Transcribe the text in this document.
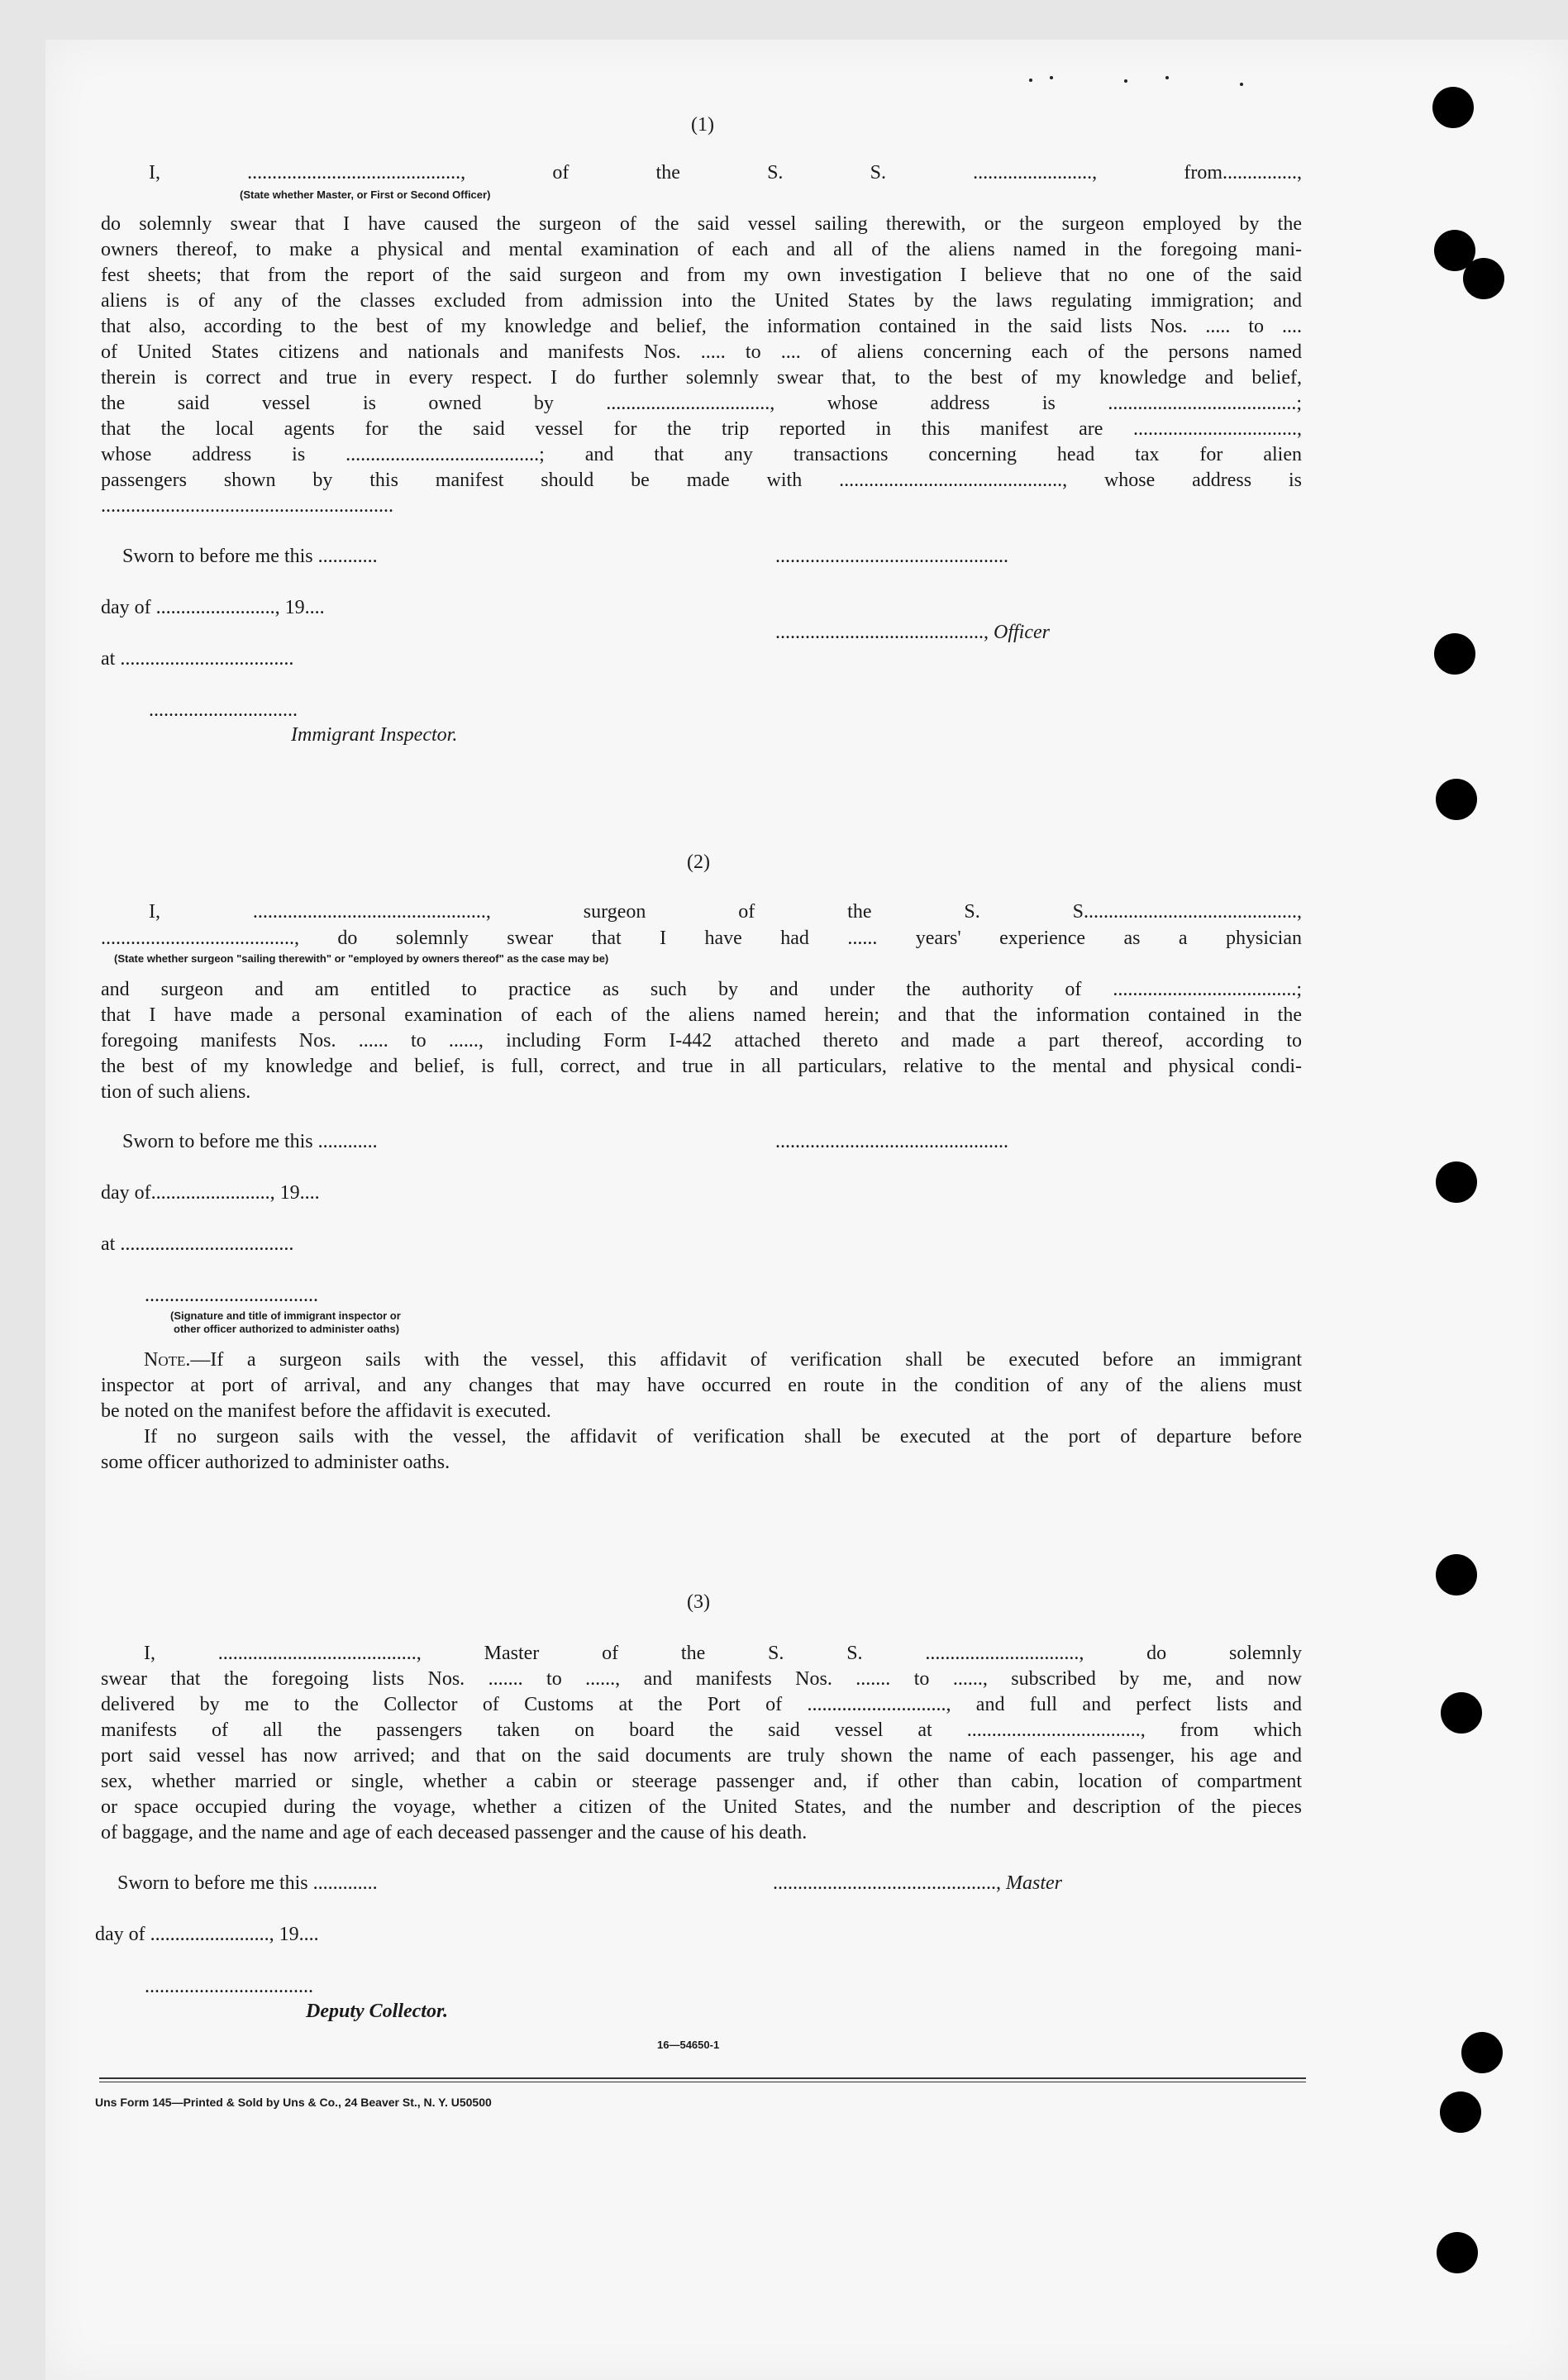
(1)
I, ..........................................., of the S. S. ........................, from...............,
(State whether Master, or First or Second Officer)
do solemnly swear that I have caused the surgeon of the said vessel sailing therewith, or the surgeon employed by the
owners thereof, to make a physical and mental examination of each and all of the aliens named in the foregoing mani-
fest sheets; that from the report of the said surgeon and from my own investigation I believe that no one of the said
aliens is of any of the classes excluded from admission into the United States by the laws regulating immigration; and
that also, according to the best of my knowledge and belief, the information contained in the said lists Nos. ..... to ....
of United States citizens and nationals and manifests Nos. ..... to .... of aliens concerning each of the persons named
therein is correct and true in every respect. I do further solemnly swear that, to the best of my knowledge and belief,
the said vessel is owned by ................................., whose address is ......................................;
that the local agents for the said vessel for the trip reported in this manifest are .................................,
whose address is .......................................; and that any transactions concerning head tax for alien
passengers shown by this manifest should be made with ............................................., whose address is
...........................................................
Sworn to before me this ............	...............................................
day of ........................, 19....
.........................................., Officer
at ...................................
..............................
Immigrant Inspector.
(2)
I, ..............................................., surgeon of the S. S...........................................,
......................................., do solemnly swear that I have had ...... years' experience as a physician
(State whether surgeon "sailing therewith" or "employed by owners thereof" as the case may be)
and surgeon and am entitled to practice as such by and under the authority of .....................................;
that I have made a personal examination of each of the aliens named herein; and that the information contained in the
foregoing manifests Nos. ...... to ......, including Form I-442 attached thereto and made a part thereof, according to
the best of my knowledge and belief, is full, correct, and true in all particulars, relative to the mental and physical condi-
tion of such aliens.
Sworn to before me this ............	...............................................
day of........................, 19....
at ...................................
...................................
(Signature and title of immigrant inspector or
other officer authorized to administer oaths)
Note.—If a surgeon sails with the vessel, this affidavit of verification shall be executed before an immigrant
inspector at port of arrival, and any changes that may have occurred en route in the condition of any of the aliens must
be noted on the manifest before the affidavit is executed.
If no surgeon sails with the vessel, the affidavit of verification shall be executed at the port of departure before
some officer authorized to administer oaths.
(3)
I, ........................................, Master of the S. S. ..............................., do solemnly
swear that the foregoing lists Nos. ....... to ......, and manifests Nos. ....... to ......, subscribed by me, and now
delivered by me to the Collector of Customs at the Port of ............................, and full and perfect lists and
manifests of all the passengers taken on board the said vessel at ..................................., from which
port said vessel has now arrived; and that on the said documents are truly shown the name of each passenger, his age and
sex, whether married or single, whether a cabin or steerage passenger and, if other than cabin, location of compartment
or space occupied during the voyage, whether a citizen of the United States, and the number and description of the pieces
of baggage, and the name and age of each deceased passenger and the cause of his death.
Sworn to before me this .............	............................................., Master
day of ........................, 19....
..................................
Deputy Collector.
16—54650-1
Uns Form 145—Printed & Sold by Uns & Co., 24 Beaver St., N. Y. U50500
